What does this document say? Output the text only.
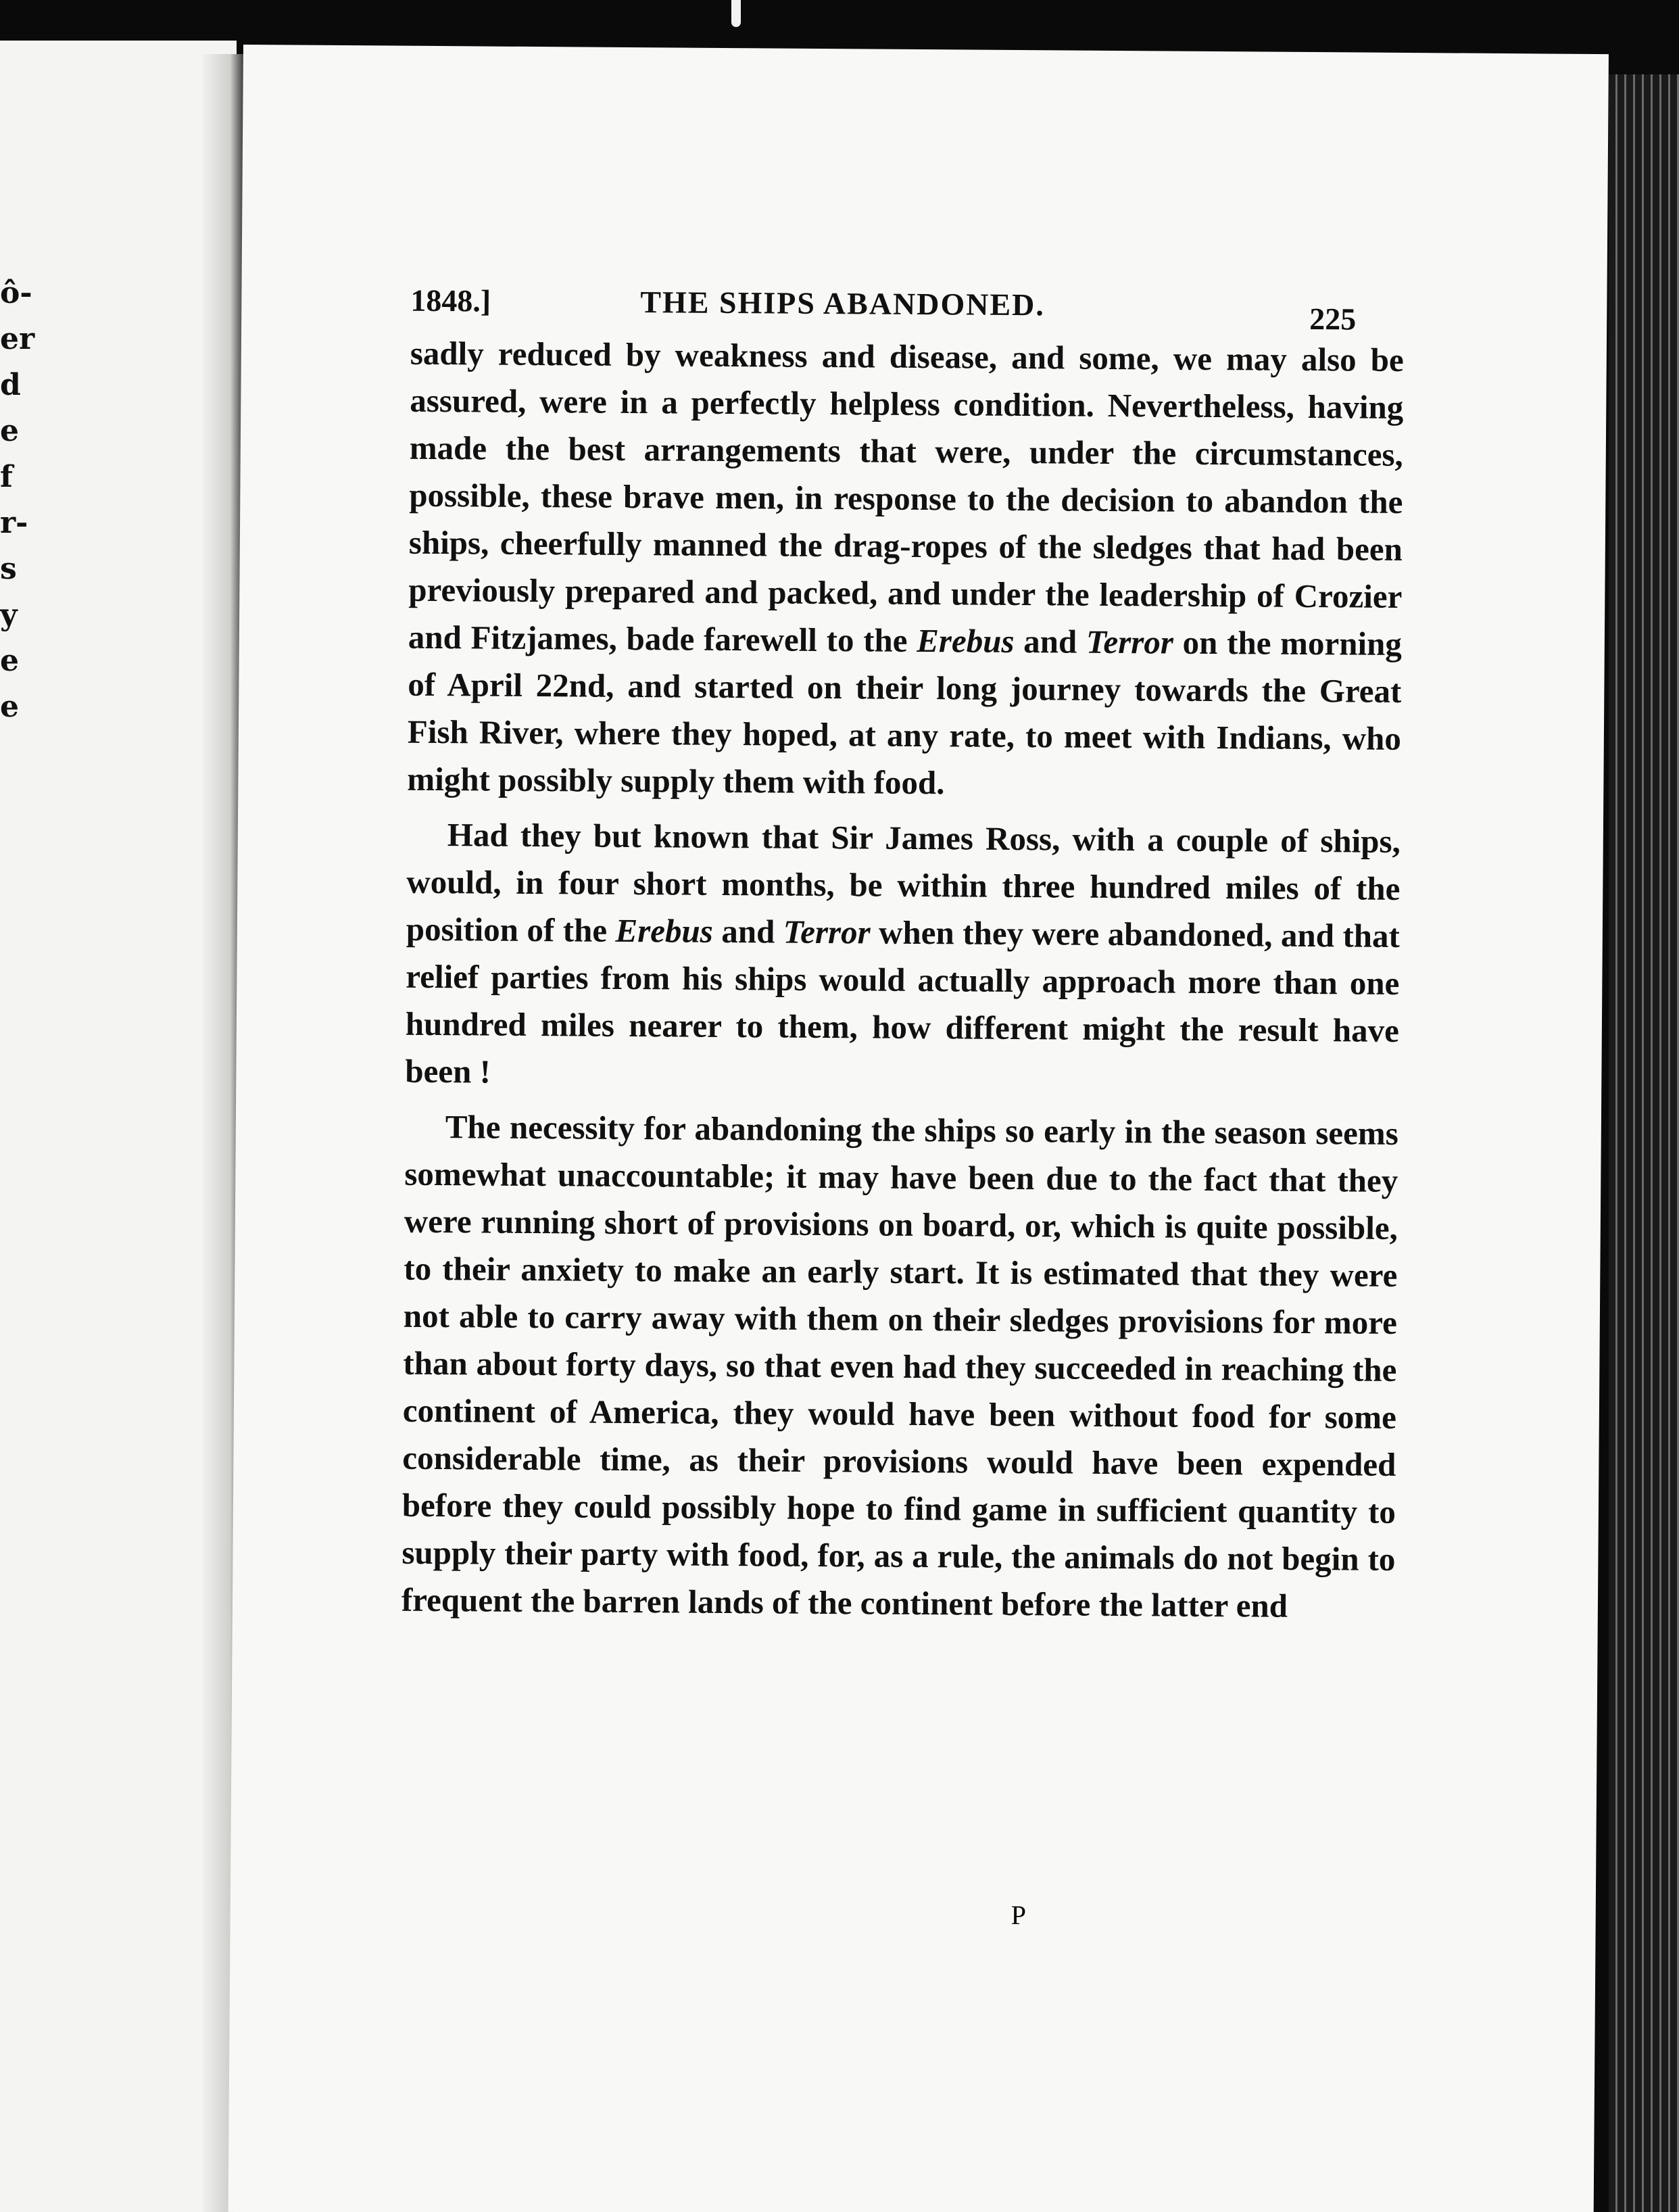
ô-
er
d
e
f
r-
s
y
e
e
1848.]	THE SHIPS ABANDONED.	225

sadly reduced by weakness and disease, and some, we may also be assured, were in a perfectly helpless condition. Nevertheless, having made the best arrangements that were, under the circumstances, possible, these brave men, in response to the decision to abandon the ships, cheerfully manned the drag-ropes of the sledges that had been previously prepared and packed, and under the leadership of Crozier and Fitzjames, bade farewell to the Erebus and Terror on the morning of April 22nd, and started on their long journey towards the Great Fish River, where they hoped, at any rate, to meet with Indians, who might possibly supply them with food.

Had they but known that Sir James Ross, with a couple of ships, would, in four short months, be within three hundred miles of the position of the Erebus and Terror when they were abandoned, and that relief parties from his ships would actually approach more than one hundred miles nearer to them, how different might the result have been !

The necessity for abandoning the ships so early in the season seems somewhat unaccountable; it may have been due to the fact that they were running short of provisions on board, or, which is quite possible, to their anxiety to make an early start. It is estimated that they were not able to carry away with them on their sledges provisions for more than about forty days, so that even had they succeeded in reaching the continent of America, they would have been without food for some considerable time, as their provisions would have been expended before they could possibly hope to find game in sufficient quantity to supply their party with food, for, as a rule, the animals do not begin to frequent the barren lands of the continent before the latter end

P
